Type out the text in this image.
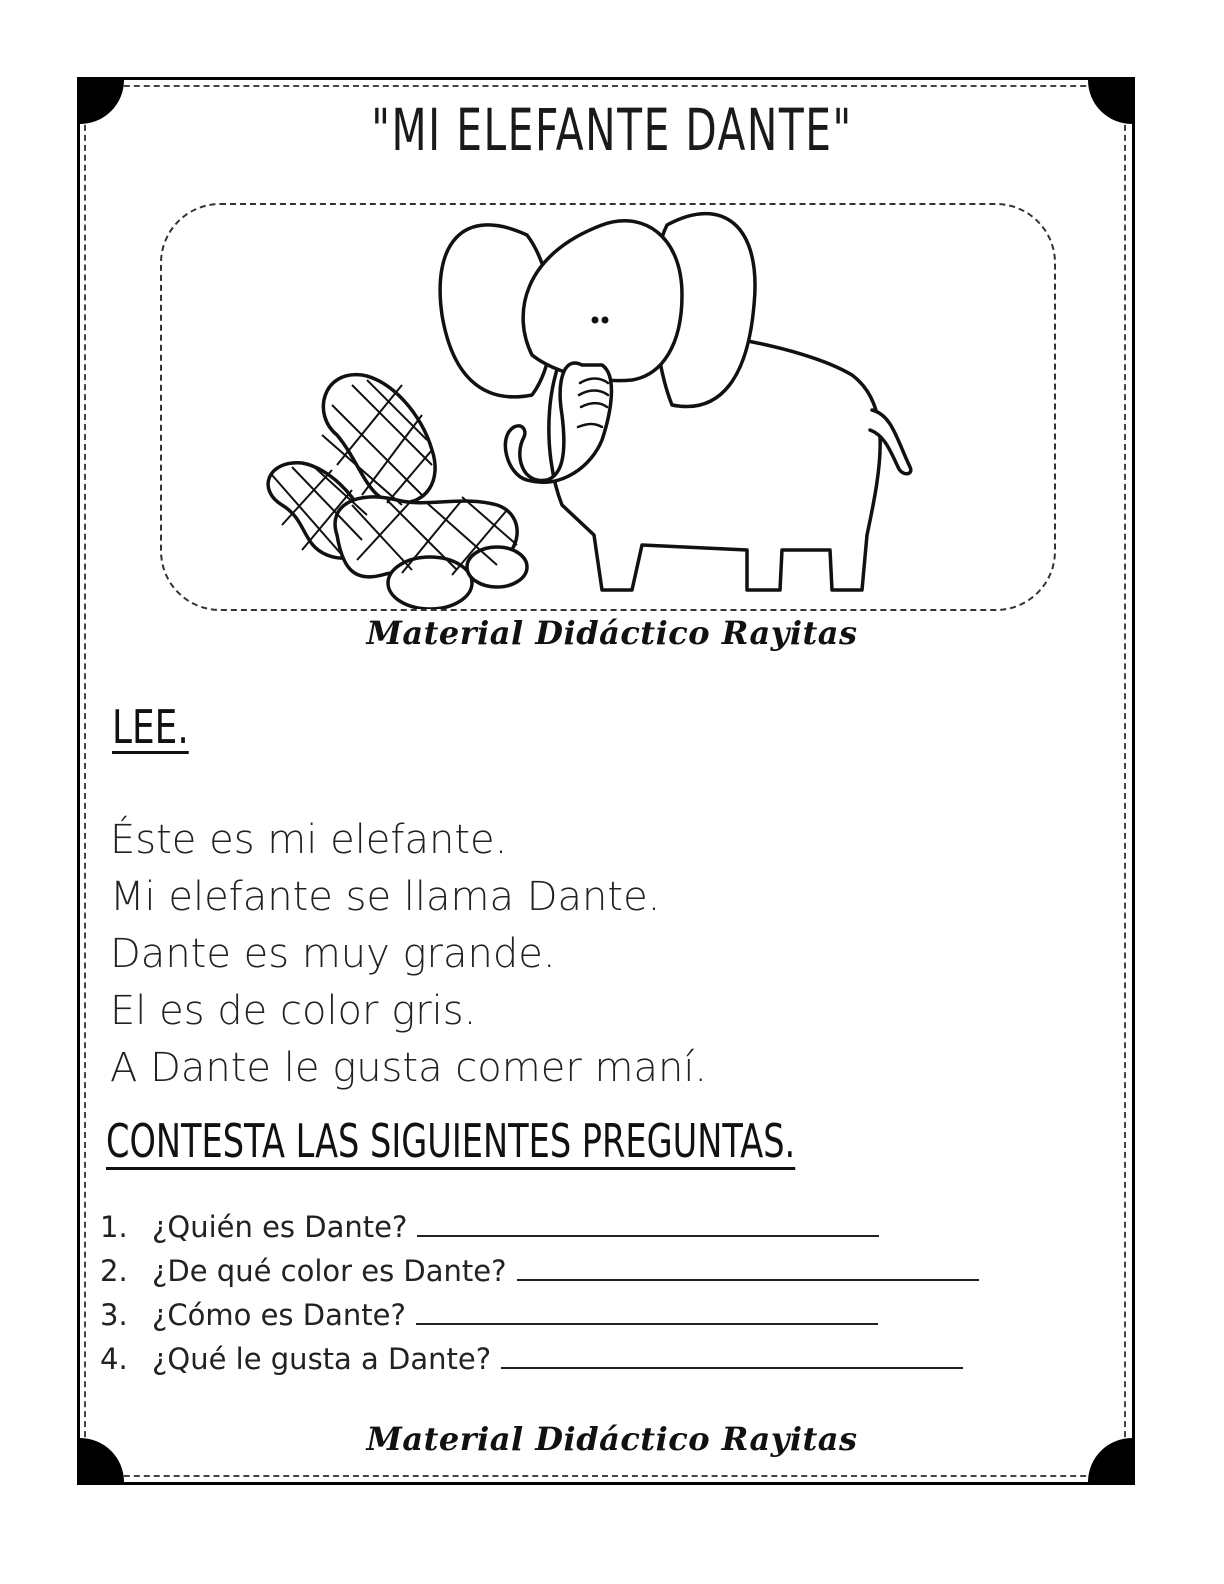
"MI ELEFANTE DANTE"
Material Didáctico Rayitas
LEE.
Éste es mi elefante.
Mi elefante se llama Dante.
Dante es muy grande.
El es de color gris.
A Dante le gusta comer maní.
CONTESTA LAS SIGUIENTES PREGUNTAS.
1. ¿Quién es Dante?
2. ¿De qué color es Dante?
3. ¿Cómo es Dante?
4. ¿Qué le gusta a Dante?
Material Didáctico Rayitas
